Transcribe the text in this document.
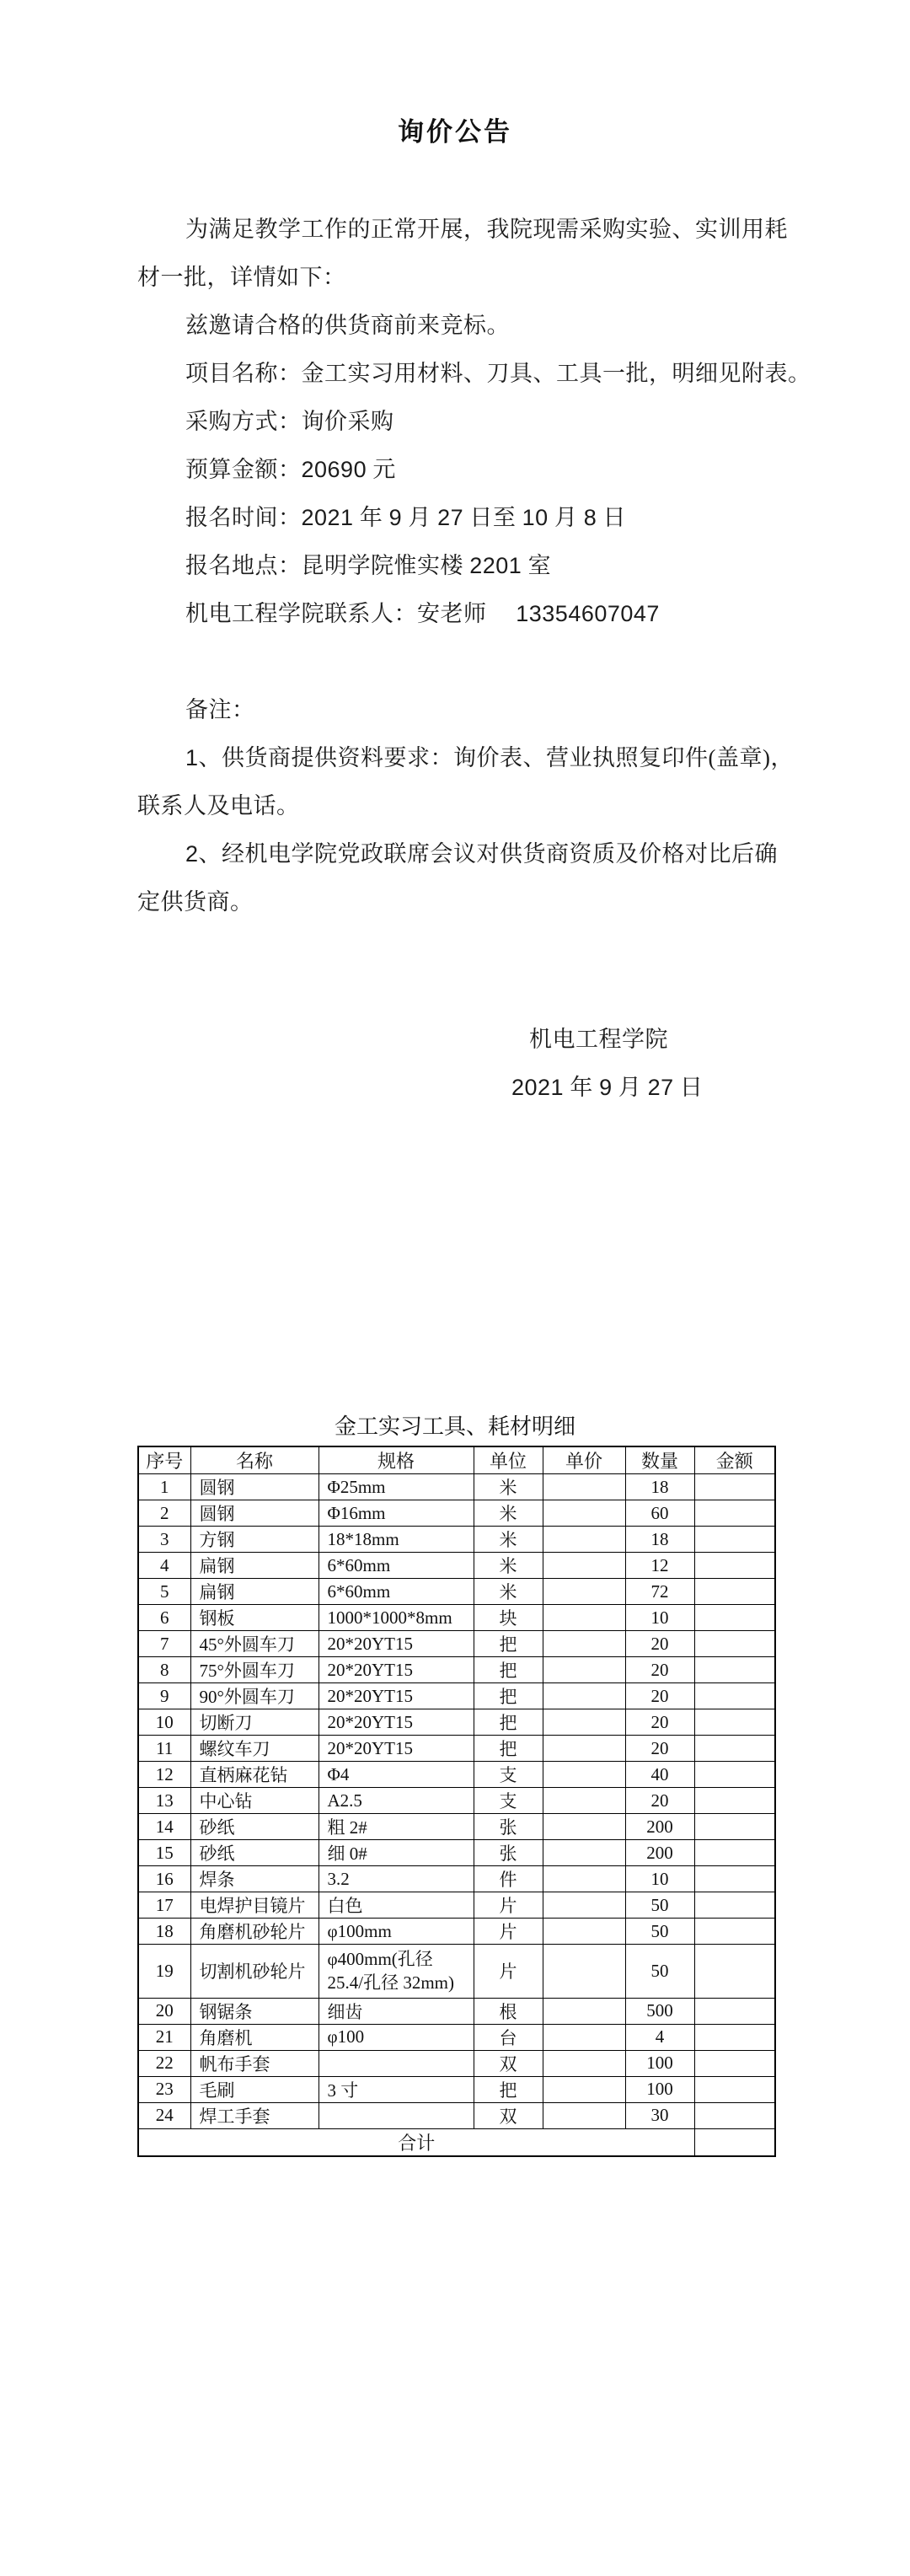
询价公告
为满足教学工作的正常开展，我院现需采购实验、实训用耗
材一批，详情如下：
兹邀请合格的供货商前来竞标。
项目名称：金工实习用材料、刀具、工具一批，明细见附表。
采购方式：询价采购
预算金额：20690 元
报名时间：2021 年 9 月 27 日至 10 月 8 日
报名地点：昆明学院惟实楼 2201 室
机电工程学院联系人：安老师　 13354607047
备注：
1、供货商提供资料要求：询价表、营业执照复印件(盖章)，
联系人及电话。
2、经机电学院党政联席会议对供货商资质及价格对比后确
定供货商。
机电工程学院
2021 年 9 月 27 日
金工实习工具、耗材明细
序号	名称	规格	单位	单价	数量	金额
1	圆钢	Φ25mm	米		18	
2	圆钢	Φ16mm	米		60	
3	方钢	18*18mm	米		18	
4	扁钢	6*60mm	米		12	
5	扁钢	6*60mm	米		72	
6	钢板	1000*1000*8mm	块		10	
7	45°外圆车刀	20*20YT15	把		20	
8	75°外圆车刀	20*20YT15	把		20	
9	90°外圆车刀	20*20YT15	把		20	
10	切断刀	20*20YT15	把		20	
11	螺纹车刀	20*20YT15	把		20	
12	直柄麻花钻	Φ4	支		40	
13	中心钻	A2.5	支		20	
14	砂纸	粗 2#	张		200	
15	砂纸	细 0#	张		200	
16	焊条	3.2	件		10	
17	电焊护目镜片	白色	片		50	
18	角磨机砂轮片	φ100mm	片		50	
19	切割机砂轮片	φ400mm(孔径 25.4/孔径 32mm)	片		50	
20	钢锯条	细齿	根		500	
21	角磨机	φ100	台		4	
22	帆布手套		双		100	
23	毛刷	3 寸	把		100	
24	焊工手套		双		30	
合计						
